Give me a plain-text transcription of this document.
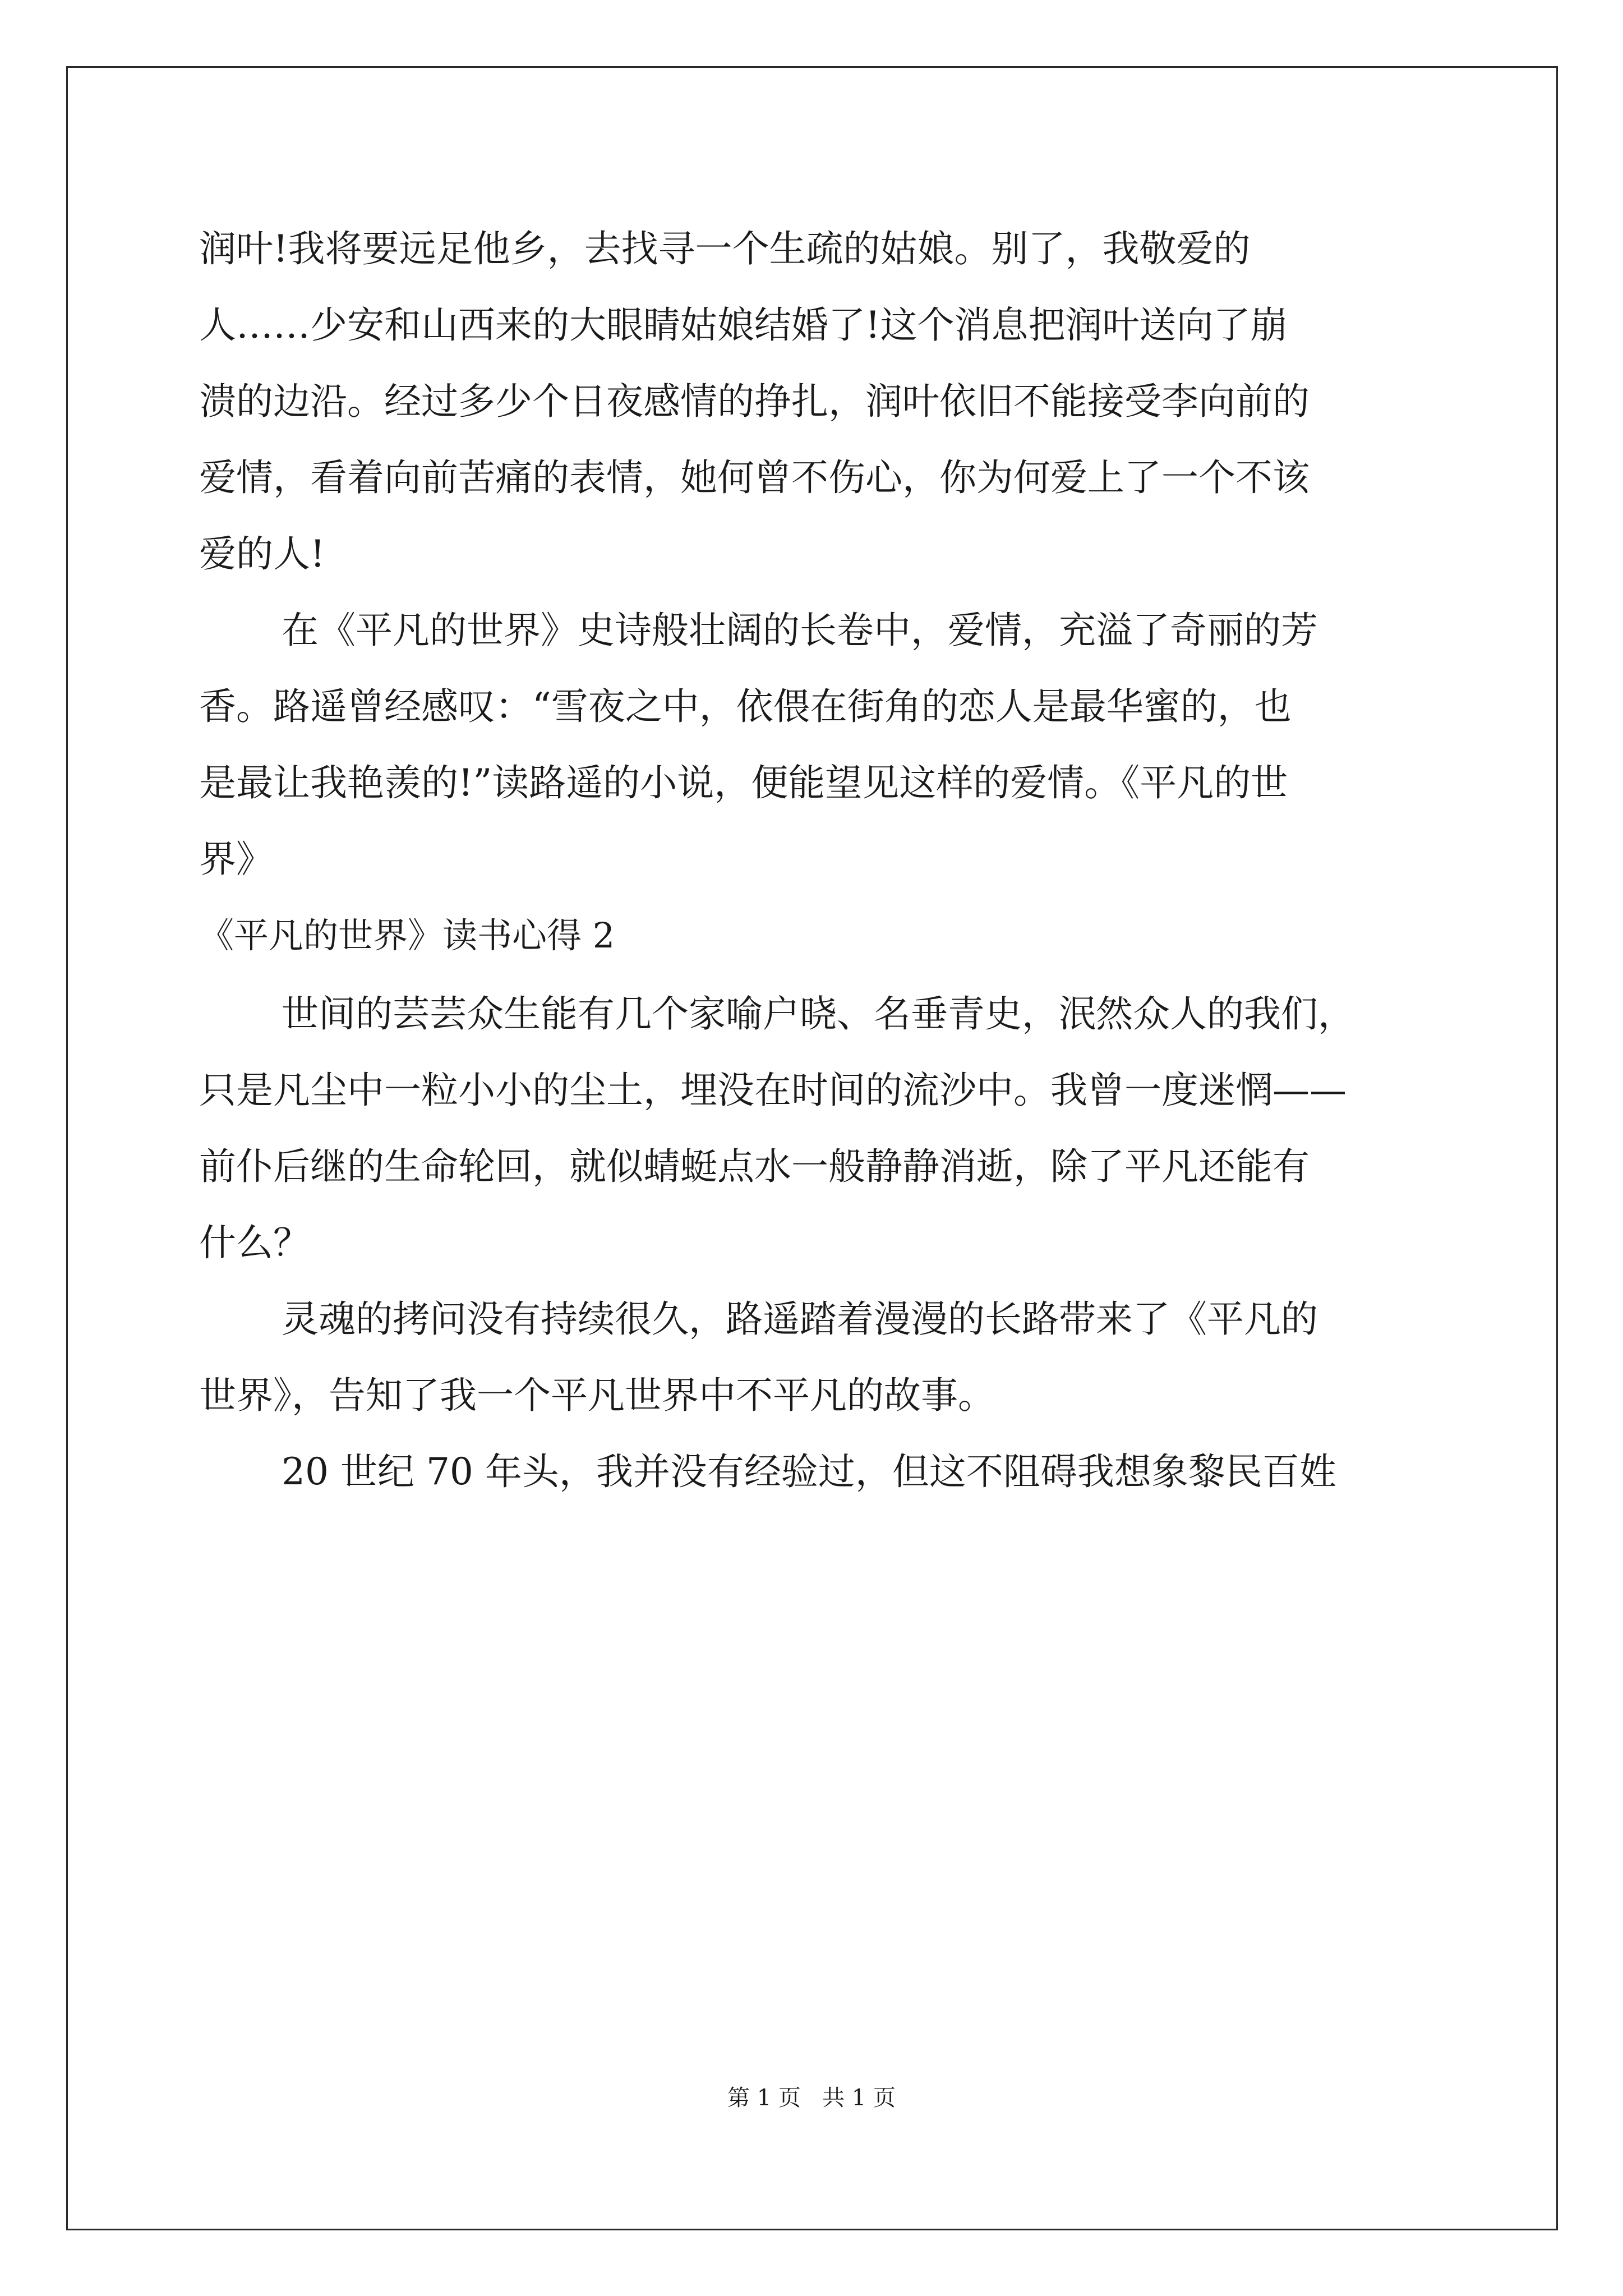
润叶!我将要远足他乡，去找寻一个生疏的姑娘。别了，我敬爱的

人……少安和山西来的大眼睛姑娘结婚了!这个消息把润叶送向了崩

溃的边沿。经过多少个日夜感情的挣扎，润叶依旧不能接受李向前的

爱情，看着向前苦痛的表情，她何曾不伤心，你为何爱上了一个不该

爱的人!

在《平凡的世界》史诗般壮阔的长卷中，爱情，充溢了奇丽的芳

香。路遥曾经感叹：“雪夜之中，依偎在街角的恋人是最华蜜的，也

是最让我艳羡的!”读路遥的小说，便能望见这样的爱情。《平凡的世

界》

《平凡的世界》读书心得 2

世间的芸芸众生能有几个家喻户晓、名垂青史，泯然众人的我们，

只是凡尘中一粒小小的尘土，埋没在时间的流沙中。我曾一度迷惘——

前仆后继的生命轮回，就似蜻蜓点水一般静静消逝，除了平凡还能有

什么？

灵魂的拷问没有持续很久，路遥踏着漫漫的长路带来了《平凡的

世界》，告知了我一个平凡世界中不平凡的故事。

20 世纪 70 年头，我并没有经验过，但这不阻碍我想象黎民百姓

第 1 页   共 1 页
